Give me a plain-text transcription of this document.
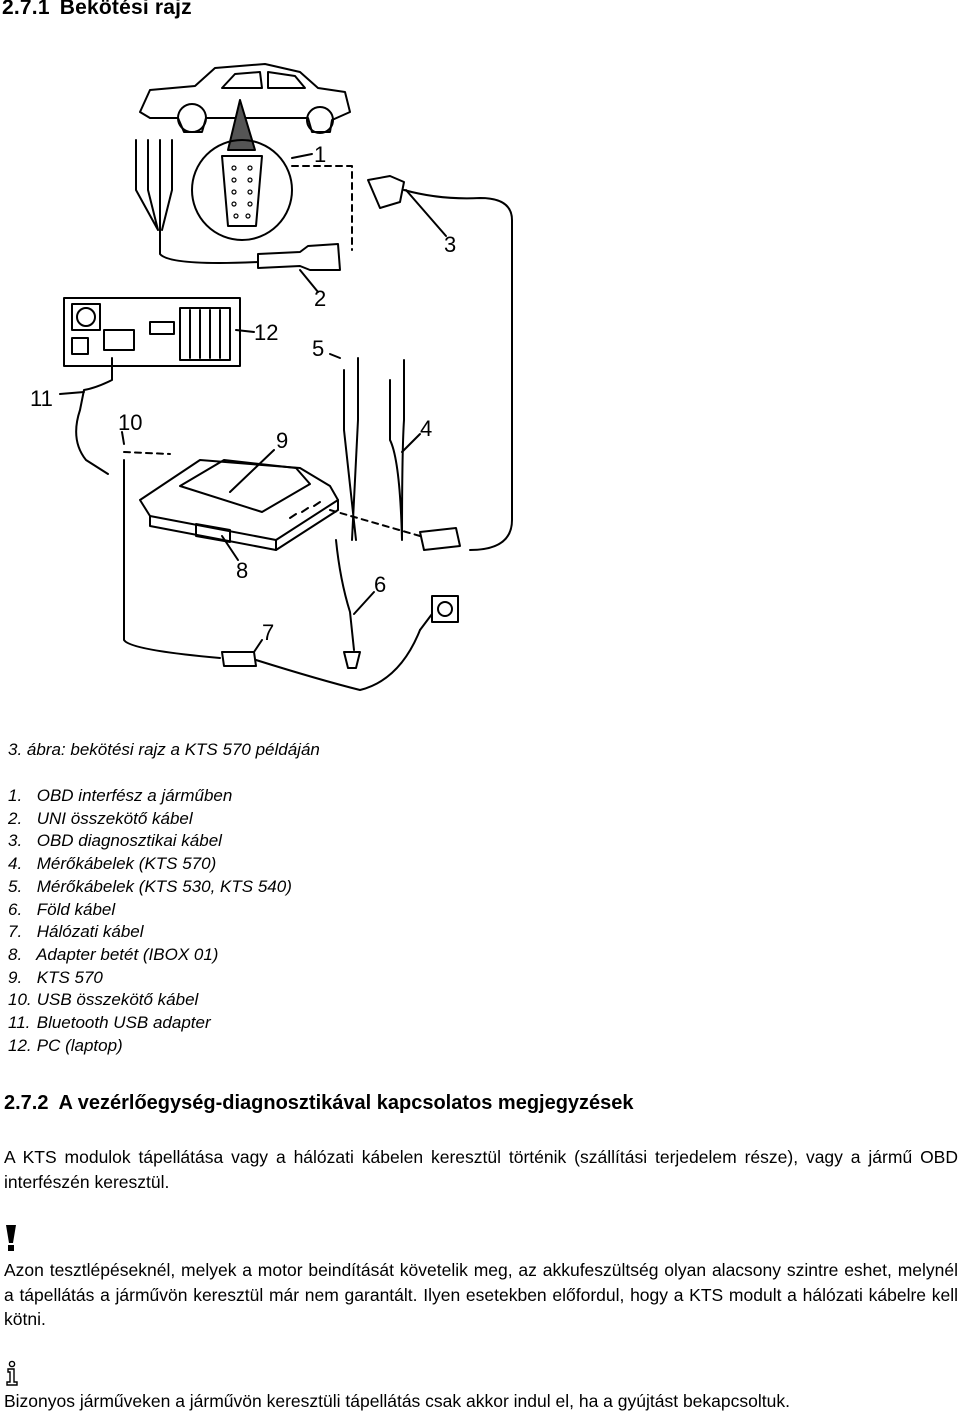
2.7.1 Bekötési rajz
1
2
3
4
5
6
7
8
9
10
11
12
3. ábra: bekötési rajz a KTS 570 példáján
1. OBD interfész a járműben
2. UNI összekötő kábel
3. OBD diagnosztikai kábel
4. Mérőkábelek (KTS 570)
5. Mérőkábelek (KTS 530, KTS 540)
6. Föld kábel
7. Hálózati kábel
8. Adapter betét (IBOX 01)
9. KTS 570
10. USB összekötő kábel
11. Bluetooth USB adapter
12. PC (laptop)
2.7.2 A vezérlőegység-diagnosztikával kapcsolatos megjegyzések

A KTS modulok tápellátása vagy a hálózati kábelen keresztül történik (szállítási terjedelem része), vagy a jármű OBD interfészén keresztül.

Azon tesztlépéseknél, melyek a motor beindítását követelik meg, az akkufeszültség olyan alacsony szintre eshet, melynél a tápellátás a járművön keresztül már nem garantált. Ilyen esetekben előfordul, hogy a KTS modult a hálózati kábelre kell kötni.

Bizonyos járműveken a járművön keresztüli tápellátás csak akkor indul el, ha a gyújtást bekapcsoltuk.
